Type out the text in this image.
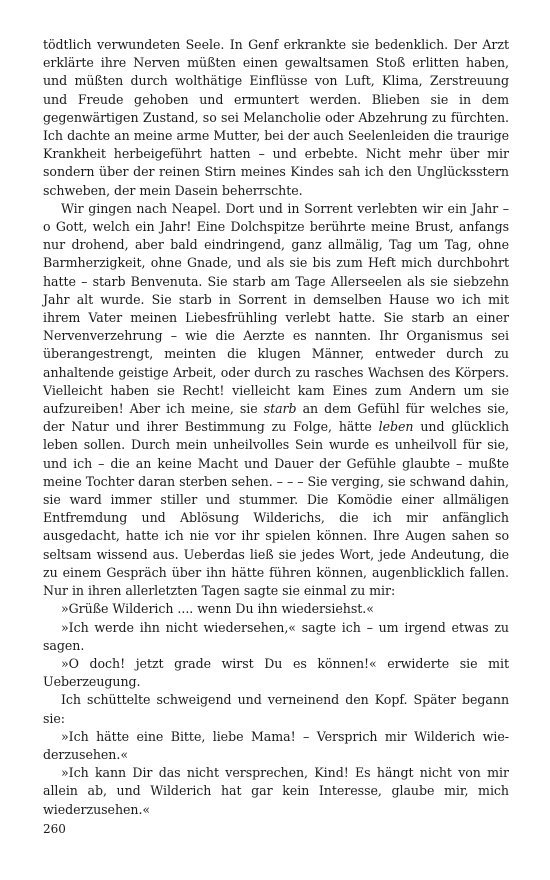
tödtlich verwundeten Seele. In Genf erkrankte sie bedenklich. Der Arzt erklärte ihre Nerven müßten einen gewaltsamen Stoß erlitten haben, und müßten durch wolthätige Einflüsse von Luft, Klima, Zerstreuung und Freude gehoben und ermuntert werden. Blieben sie in dem gegenwärtigen Zustand, so sei Melancholie oder Abzehrung zu fürchten. Ich dachte an meine arme Mutter, bei der auch Seelenleiden die traurige Krankheit herbeigeführt hatten – und erbebte. Nicht mehr über mir sondern über der reinen Stirn meines Kindes sah ich den Unglücksstern schweben, der mein Dasein beherrschte.

Wir gingen nach Neapel. Dort und in Sorrent verlebten wir ein Jahr – o Gott, welch ein Jahr! Eine Dolchspitze berührte meine Brust, anfangs nur drohend, aber bald eindringend, ganz allmälig, Tag um Tag, ohne Barmherzigkeit, ohne Gnade, und als sie bis zum Heft mich durchbohrt hatte – starb Benvenuta. Sie starb am Tage Allerseelen als sie siebzehn Jahr alt wurde. Sie starb in Sorrent in demselben Hause wo ich mit ihrem Vater meinen Liebesfrühling verlebt hatte. Sie starb an einer Nervenverzehrung – wie die Aerzte es nannten. Ihr Organismus sei überangestrengt, meinten die klugen Männer, entweder durch zu anhaltende geistige Arbeit, oder durch zu rasches Wachsen des Körpers. Vielleicht haben sie Recht! vielleicht kam Eines zum Andern um sie aufzureiben! Aber ich meine, sie starb an dem Gefühl für welches sie, der Natur und ihrer Bestimmung zu Folge, hätte leben und glücklich leben sollen. Durch mein unheilvolles Sein wurde es unheilvoll für sie, und ich – die an keine Macht und Dauer der Gefühle glaubte – mußte meine Tochter daran sterben sehen. – – – Sie verging, sie schwand dahin, sie ward immer stiller und stummer. Die Komödie einer allmäligen Entfremdung und Ablösung Wilderichs, die ich mir anfänglich ausgedacht, hatte ich nie vor ihr spielen können. Ihre Augen sahen so seltsam wissend aus. Ueberdas ließ sie jedes Wort, jede Andeutung, die zu einem Gespräch über ihn hätte führen können, augenblicklich fallen. Nur in ihren allerletzten Tagen sagte sie einmal zu mir:

»Grüße Wilderich .... wenn Du ihn wiedersiehst.«

»Ich werde ihn nicht wiedersehen,« sagte ich – um irgend etwas zu sagen.

»O doch! jetzt grade wirst Du es können!« erwiderte sie mit Ueberzeugung.

Ich schüttelte schweigend und verneinend den Kopf. Später begann sie:

»Ich hätte eine Bitte, liebe Mama! – Versprich mir Wilderich wiederzusehen.«

»Ich kann Dir das nicht versprechen, Kind! Es hängt nicht von mir allein ab, und Wilderich hat gar kein Interesse, glaube mir, mich wiederzusehen.«

260
